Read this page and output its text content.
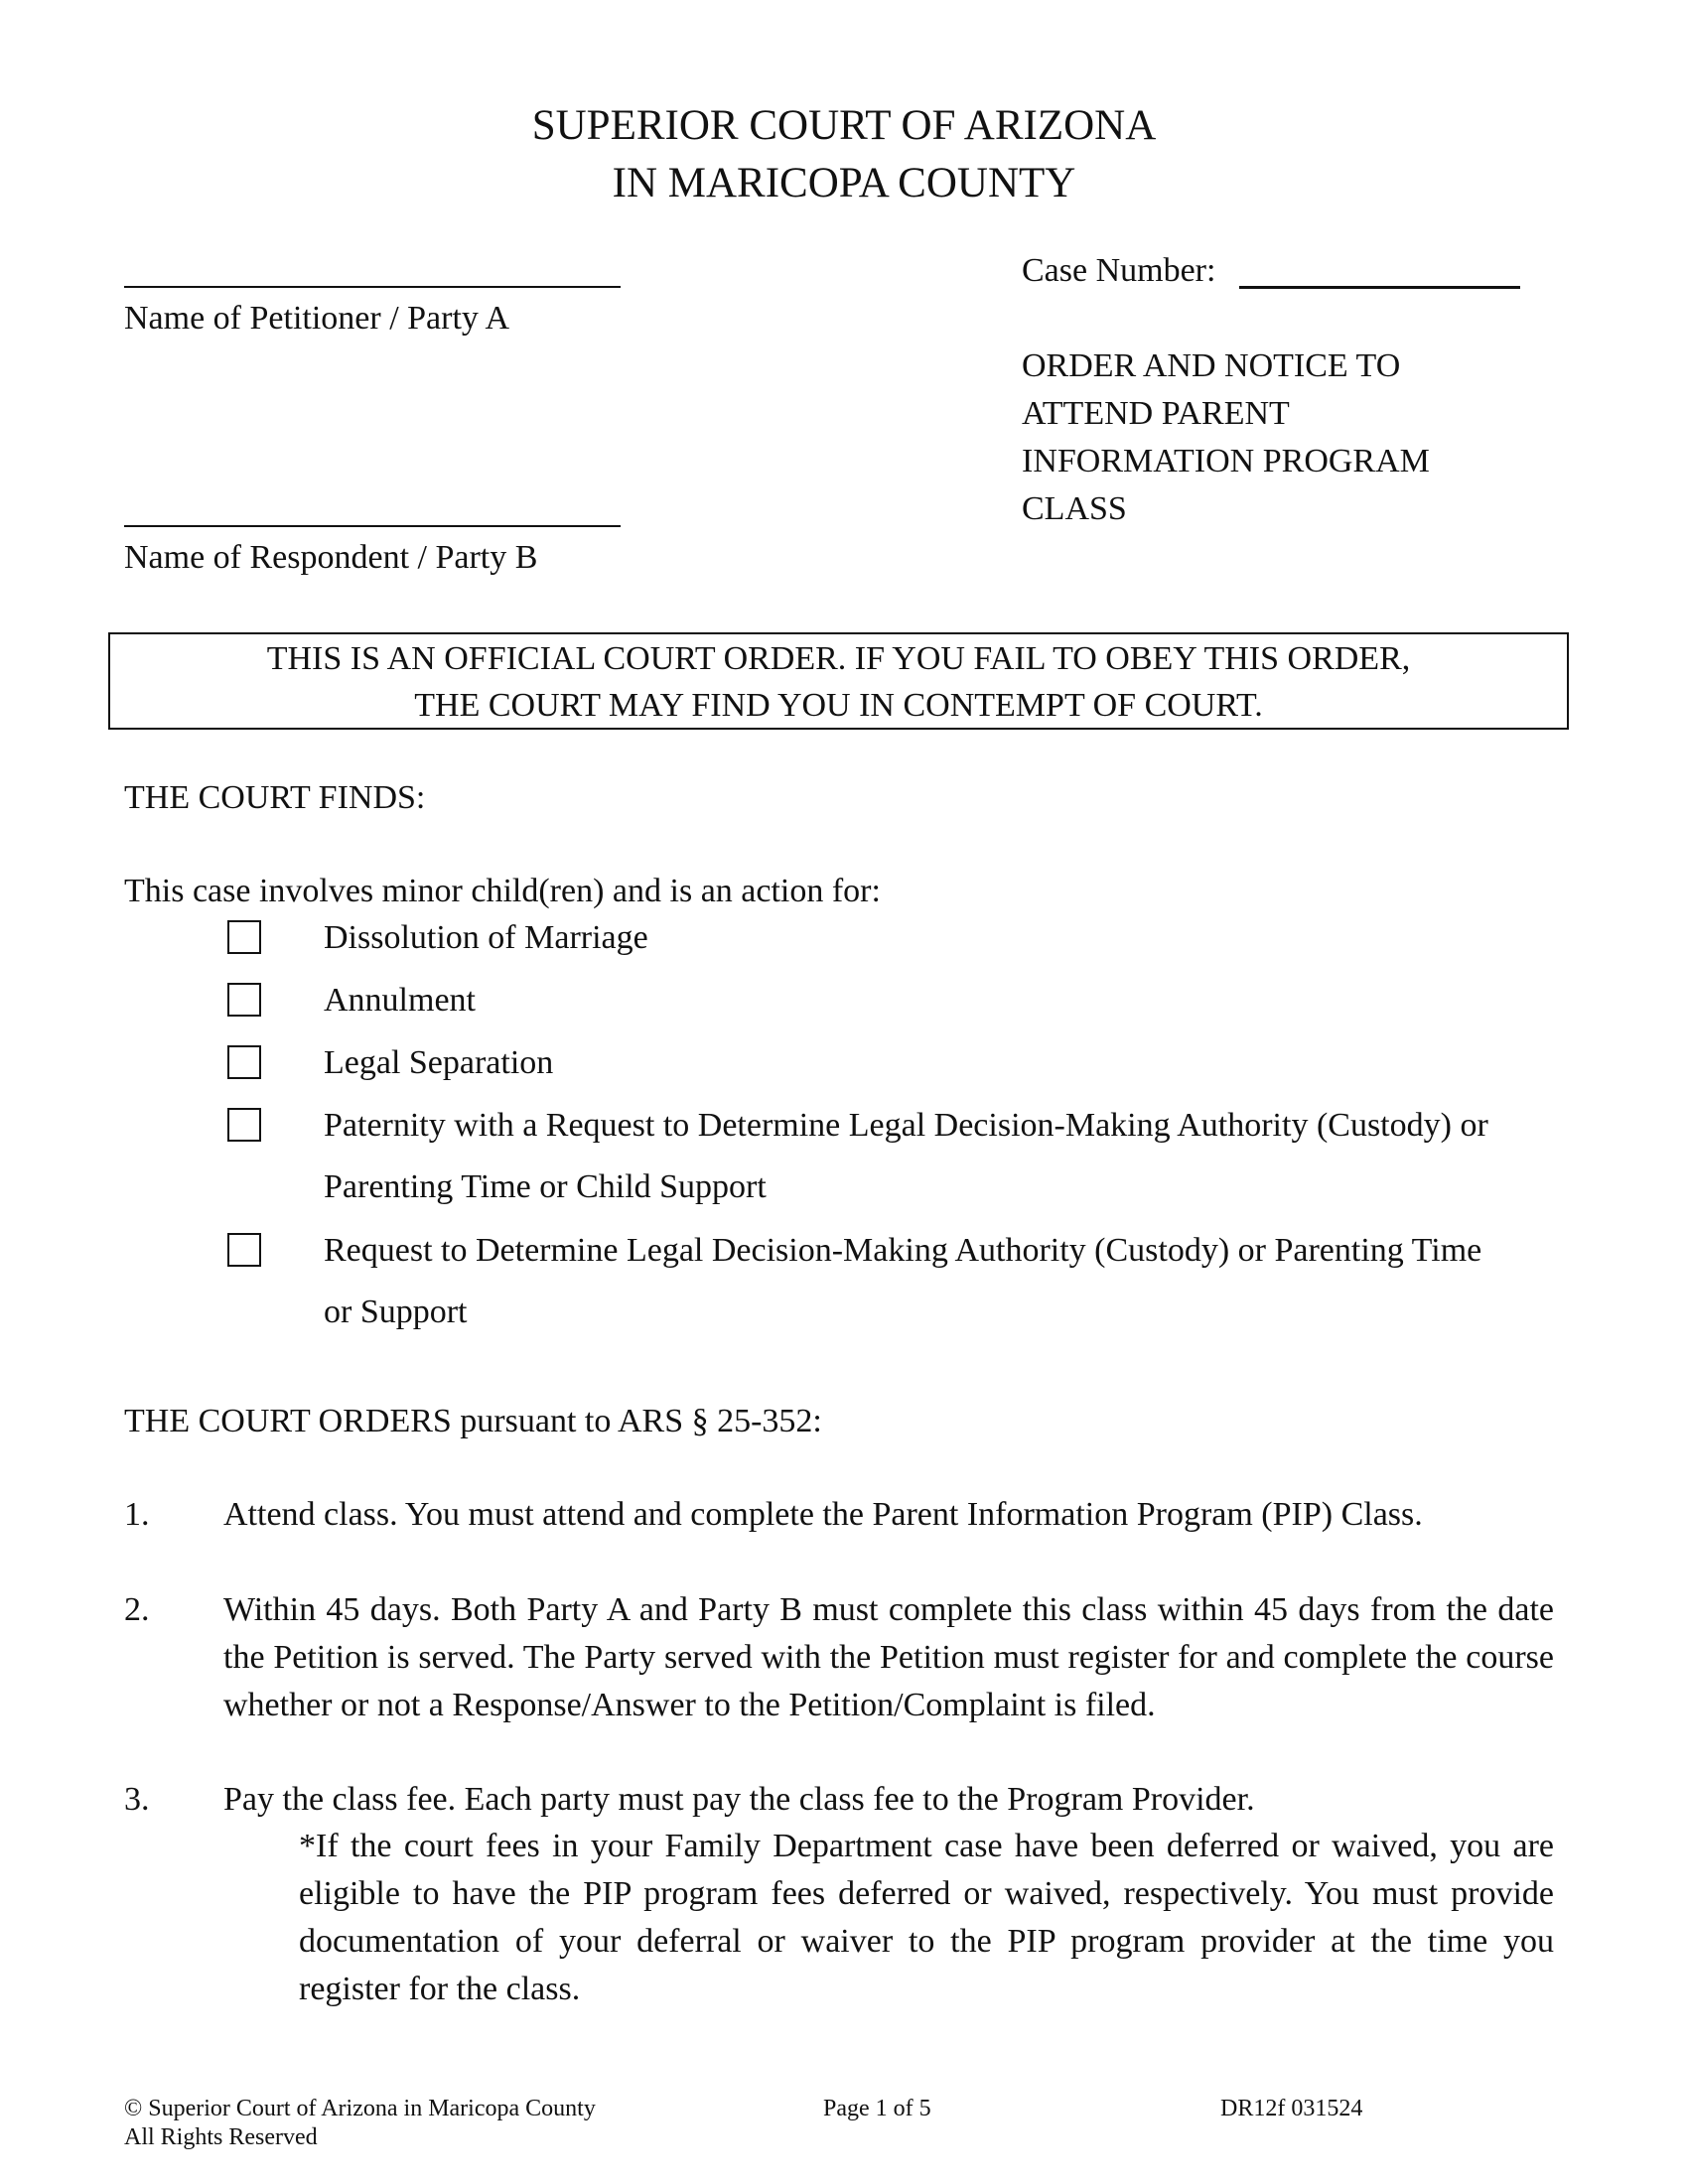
SUPERIOR COURT OF ARIZONA
IN MARICOPA COUNTY
Name of Petitioner / Party A
Name of Respondent / Party B
Case Number:
ORDER AND NOTICE TO
ATTEND PARENT
INFORMATION PROGRAM
CLASS
THIS IS AN OFFICIAL COURT ORDER. IF YOU FAIL TO OBEY THIS ORDER,
THE COURT MAY FIND YOU IN CONTEMPT OF COURT.
THE COURT FINDS:
This case involves minor child(ren) and is an action for:
Dissolution of Marriage
Annulment
Legal Separation
Paternity with a Request to Determine Legal Decision-Making Authority (Custody) or
Parenting Time or Child Support
Request to Determine Legal Decision-Making Authority (Custody) or Parenting Time
or Support
THE COURT ORDERS pursuant to ARS § 25-352:
1. Attend class. You must attend and complete the Parent Information Program (PIP) Class.
2. Within 45 days. Both Party A and Party B must complete this class within 45 days from the date the Petition is served. The Party served with the Petition must register for and complete the course whether or not a Response/Answer to the Petition/Complaint is filed.
3. Pay the class fee. Each party must pay the class fee to the Program Provider.
*If the court fees in your Family Department case have been deferred or waived, you are eligible to have the PIP program fees deferred or waived, respectively. You must provide documentation of your deferral or waiver to the PIP program provider at the time you register for the class.
© Superior Court of Arizona in Maricopa County
All Rights Reserved
Page 1 of 5	DR12f 031524
